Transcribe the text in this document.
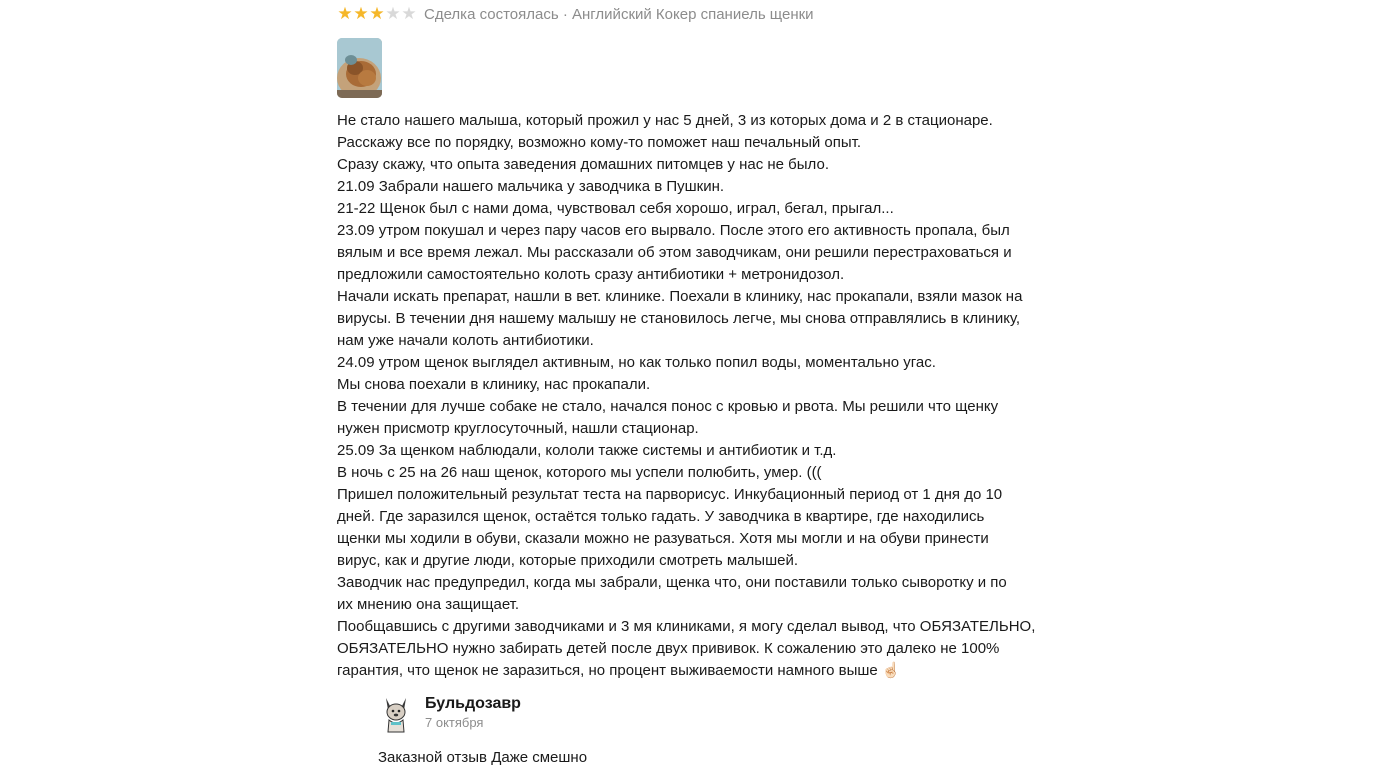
★ ★ ★ ★ ★ Сделка состоялась · Английский Кокер спаниель щенки
Не стало нашего малыша, который прожил у нас 5 дней, 3 из которых дома и 2 в стационаре.
Расскажу все по порядку, возможно кому-то поможет наш печальный опыт.
Сразу скажу, что опыта заведения домашних питомцев у нас не было.
21.09 Забрали нашего мальчика у заводчика в Пушкин.
21-22 Щенок был с нами дома, чувствовал себя хорошо, играл, бегал, прыгал...
23.09 утром покушал и через пару часов его вырвало. После этого его активность пропала, был
вялым и все время лежал. Мы рассказали об этом заводчикам, они решили перестраховаться и
предложили самостоятельно колоть сразу антибиотики + метронидозол.
Начали искать препарат, нашли в вет. клинике. Поехали в клинику, нас прокапали, взяли мазок на
вирусы. В течении дня нашему малышу не становилось легче, мы снова отправлялись в клинику,
нам уже начали колоть антибиотики.
24.09 утром щенок выглядел активным, но как только попил воды, моментально угас.
Мы снова поехали в клинику, нас прокапали.
В течении для лучше собаке не стало, начался понос с кровью и рвота. Мы решили что щенку
нужен присмотр круглосуточный, нашли стационар.
25.09 За щенком наблюдали, кололи также системы и антибиотик и т.д.
В ночь с 25 на 26 наш щенок, которого мы успели полюбить, умер. (((
Пришел положительный результат теста на парворисус. Инкубационный период от 1 дня до 10
дней. Где заразился щенок, остаётся только гадать. У заводчика в квартире, где находились
щенки мы ходили в обуви, сказали можно не разуваться. Хотя мы могли и на обуви принести
вирус, как и другие люди, которые приходили смотреть малышей.
Заводчик нас предупредил, когда мы забрали, щенка что, они поставили только сыворотку и по
их мнению она защищает.
Пообщавшись с другими заводчиками и 3 мя клиниками, я могу сделал вывод, что ОБЯЗАТЕЛЬНО,
ОБЯЗАТЕЛЬНО нужно забирать детей после двух прививок. К сожалению это далеко не 100%
гарантия, что щенок не заразиться, но процент выживаемости намного выше ☝🏻
Бульдозавр
7 октября
Заказной отзыв Даже смешно
